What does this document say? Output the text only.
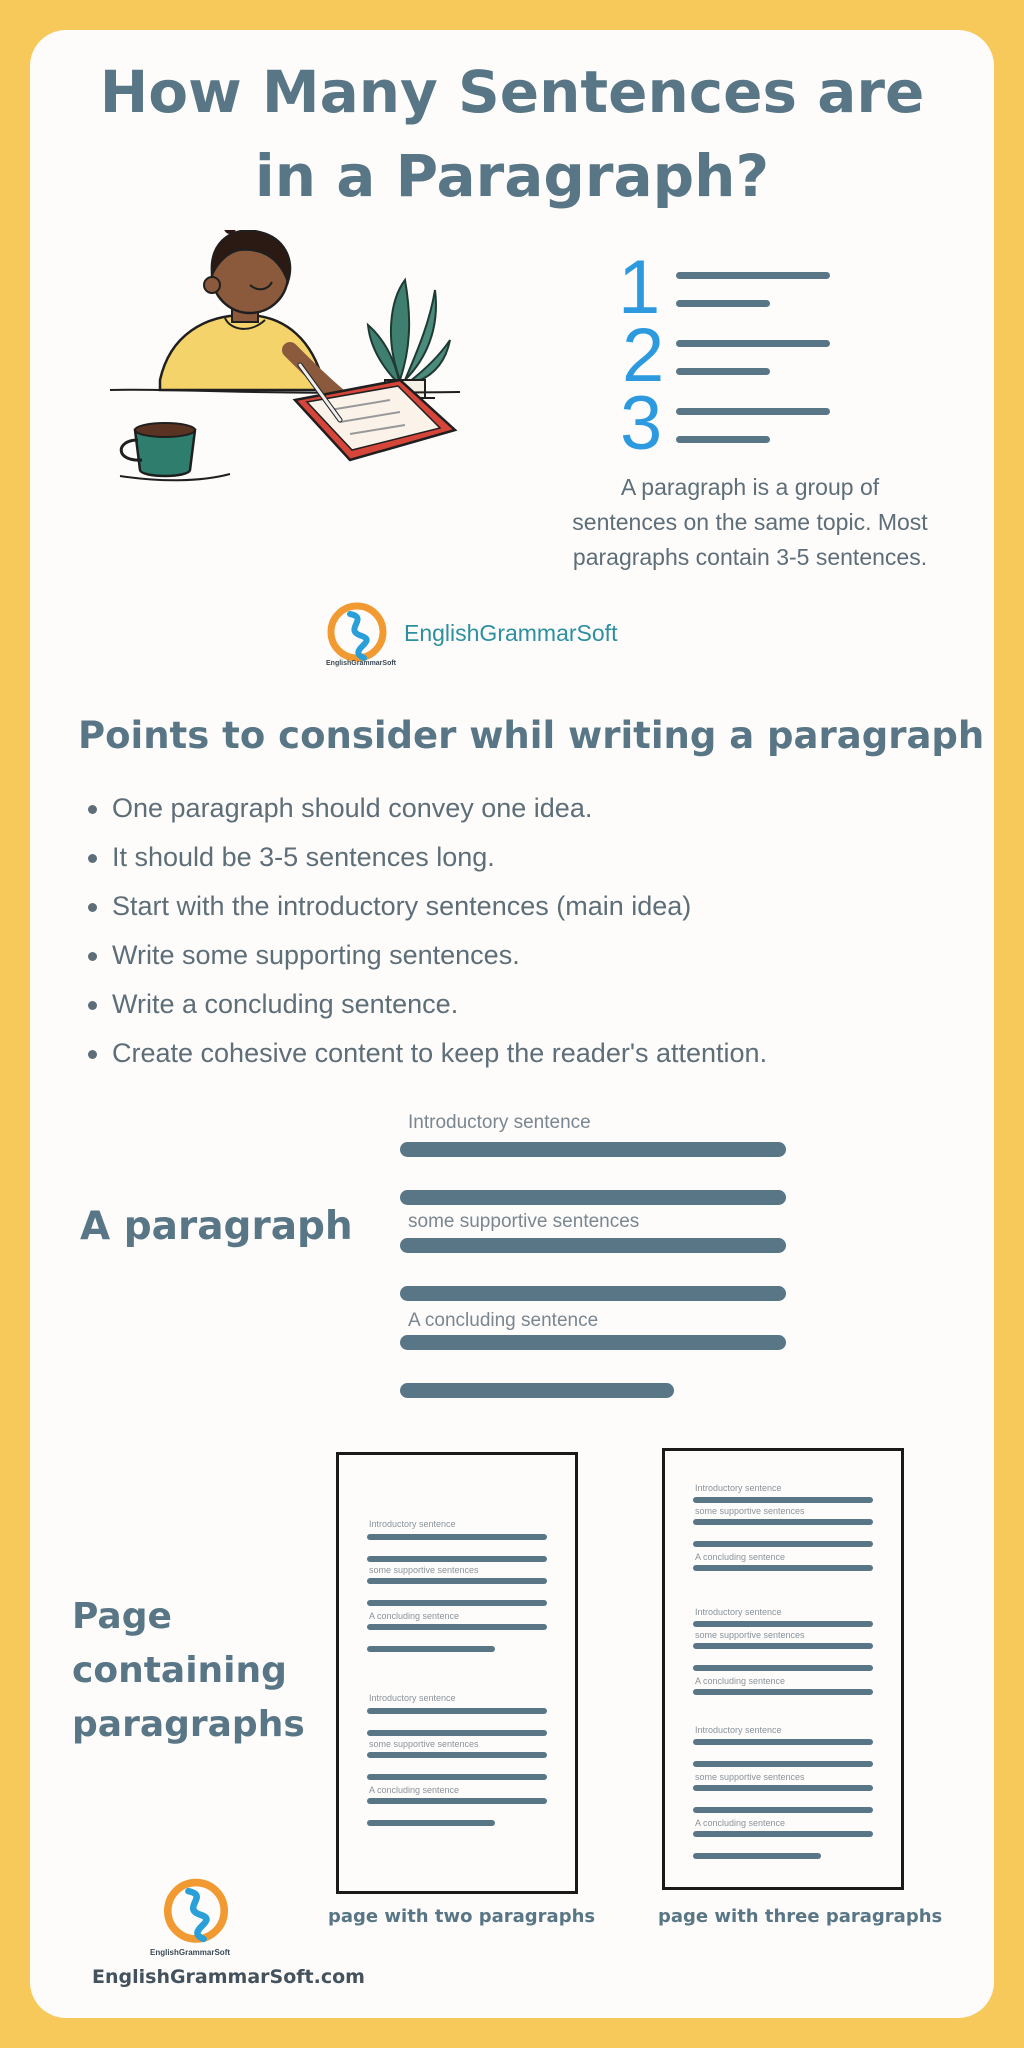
How Many Sentences are
in a Paragraph?
1
2
3
A paragraph is a group of
sentences on the same topic. Most
paragraphs contain 3-5 sentences.
EnglishGrammarSoft
EnglishGrammarSoft
Points to consider whil writing a paragraph
One paragraph should convey one idea.
It should be 3-5 sentences long.
Start with the introductory sentences (main idea)
Write some supporting sentences.
Write a concluding sentence.
Create cohesive content to keep the reader's attention.
A paragraph
Introductory sentence
some supportive sentences
A concluding sentence
Page
containing
paragraphs
Introductory sentence
some supportive sentences
A concluding sentence
Introductory sentence
some supportive sentences
A concluding sentence
Introductory sentence
some supportive sentences
A concluding sentence
Introductory sentence
some supportive sentences
A concluding sentence
Introductory sentence
some supportive sentences
A concluding sentence
page with two paragraphs	page with three paragraphs
EnglishGrammarSoft
EnglishGrammarSoft.com
